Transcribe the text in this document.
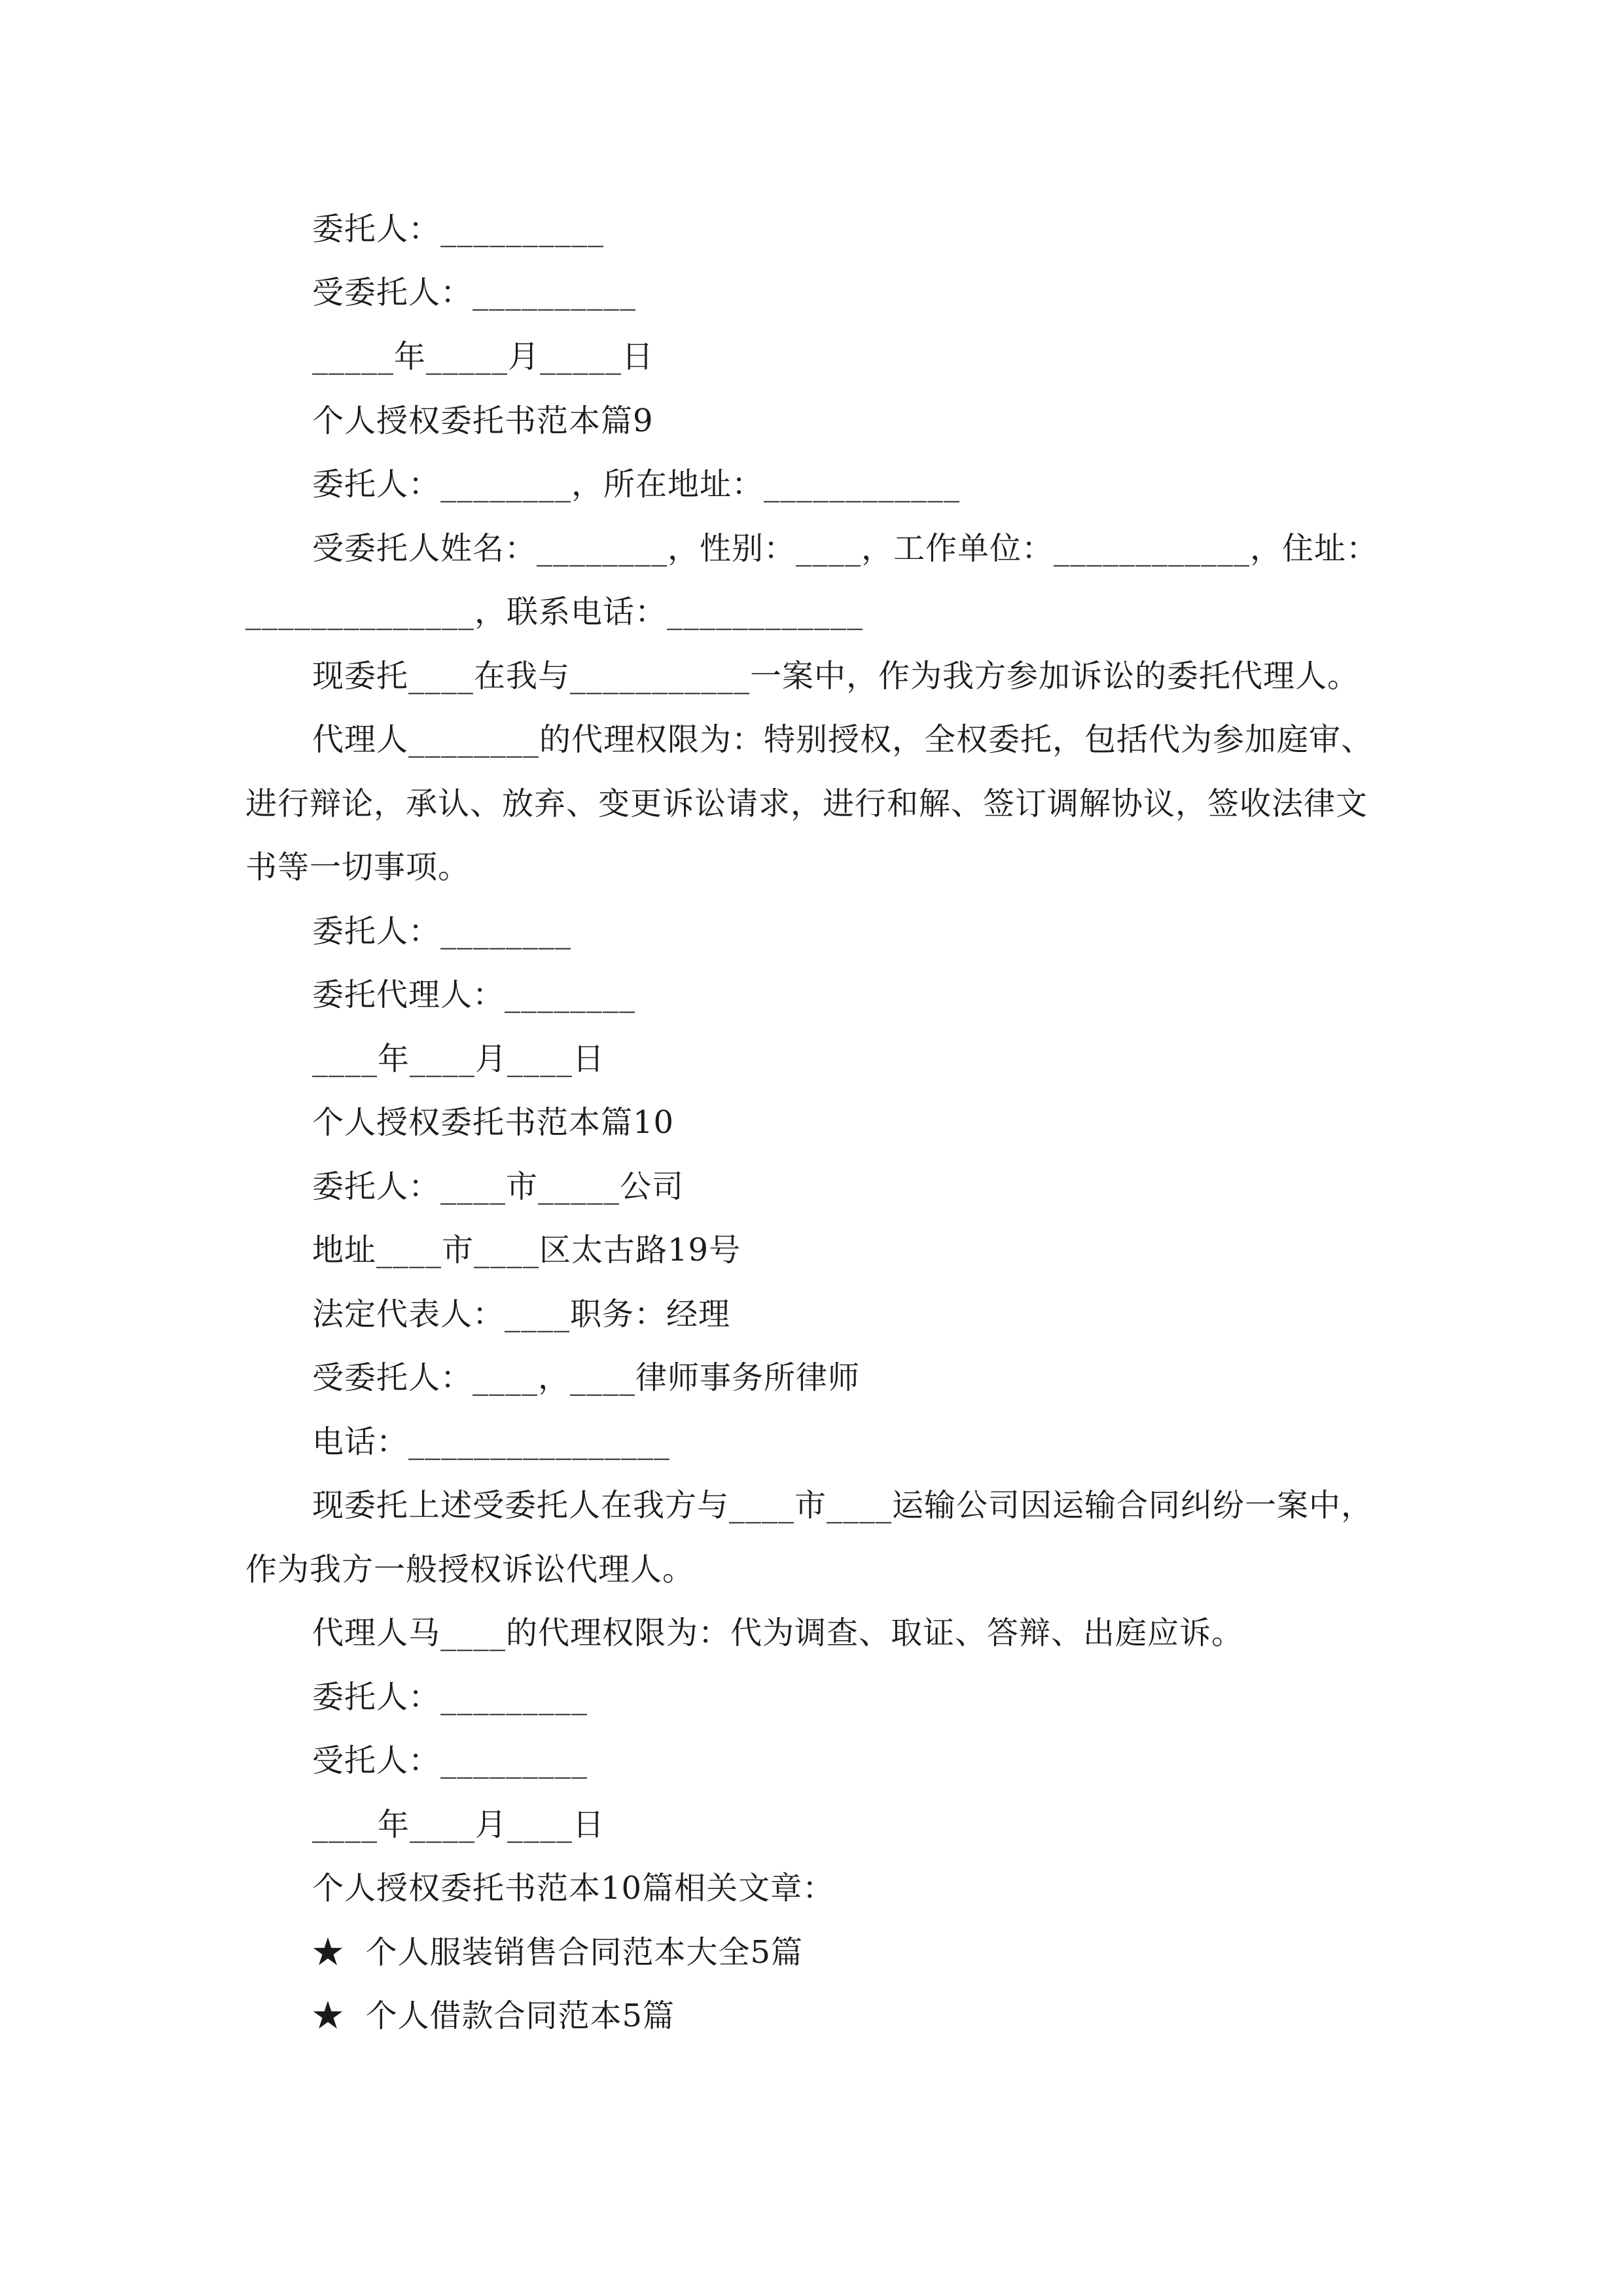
委托人：__________
受委托人：__________
_____年_____月_____日
个人授权委托书范本篇9
委托人：________，所在地址：____________
受委托人姓名：________，性别：____，工作单位：____________，住址：
______________，联系电话：____________
现委托____在我与___________一案中，作为我方参加诉讼的委托代理人。
代理人________的代理权限为：特别授权，全权委托，包括代为参加庭审、
进行辩论，承认、放弃、变更诉讼请求，进行和解、签订调解协议，签收法律文
书等一切事项。
委托人：________
委托代理人：________
____年____月____日
个人授权委托书范本篇10
委托人：____市_____公司
地址____市____区太古路19号
法定代表人：____职务：经理
受委托人：____，____律师事务所律师
电话：________________
现委托上述受委托人在我方与____市____运输公司因运输合同纠纷一案中，
作为我方一般授权诉讼代理人。
代理人马____的代理权限为：代为调查、取证、答辩、出庭应诉。
委托人：_________
受托人：_________
____年____月____日
个人授权委托书范本10篇相关文章：
★  个人服装销售合同范本大全5篇
★  个人借款合同范本5篇
